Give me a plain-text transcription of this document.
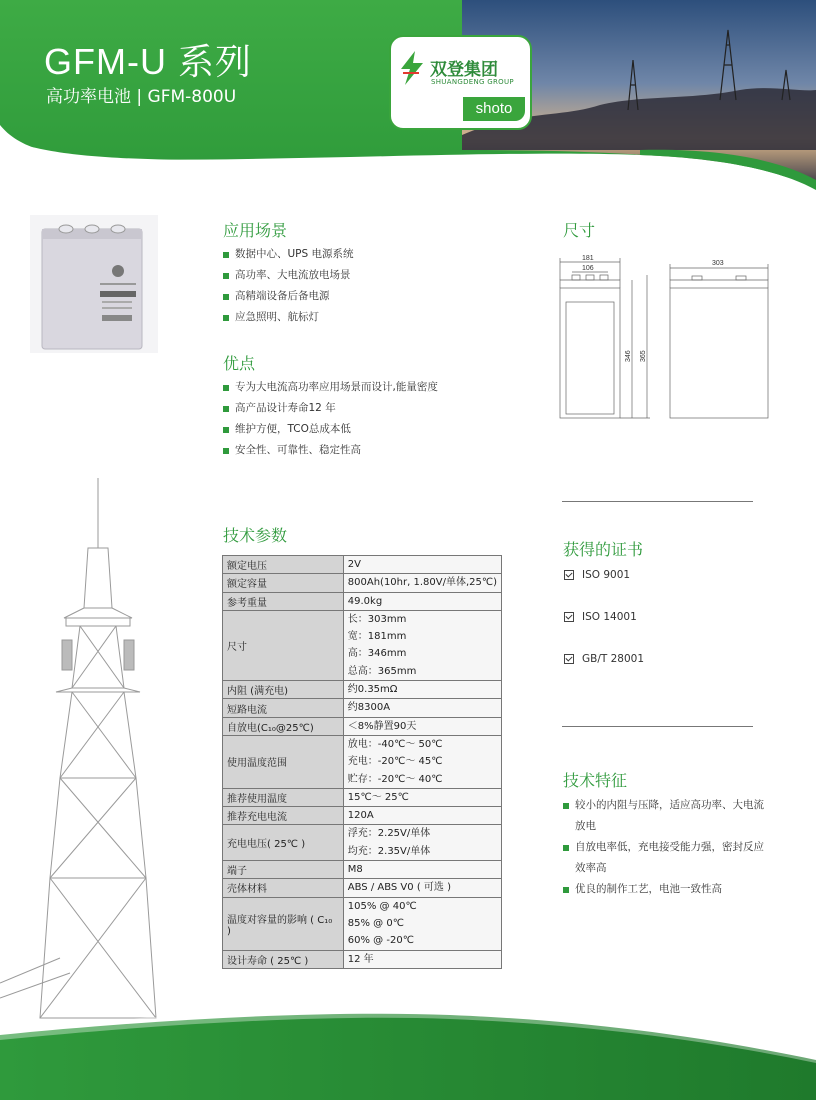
GFM-U 系列
高功率电池 | GFM-800U
双登集团
SHUANGDENG GROUP
shoto
应用场景
数据中心、UPS 电源系统
高功率、大电流放电场景
高精端设备后备电源
应急照明、航标灯
优点
专为大电流高功率应用场景而设计,能量密度
高产品设计寿命12 年
维护方便，TCO总成本低
安全性、可靠性、稳定性高
技术参数
额定电压	2V

额定容量	800Ah(10hr, 1.80V/单体,25℃)

参考重量	49.0kg

尺寸	长：303mm
宽：181mm
高：346mm
总高：365mm

内阻 (满充电)	约0.35mΩ

短路电流	约8300A

自放电(C₁₀@25℃)	＜8%静置90天

使用温度范围	放电：-40℃～ 50℃
充电：-20℃～ 45℃
贮存：-20℃～ 40℃

推荐使用温度	15℃～ 25℃

推荐充电电流	120A

充电电压( 25℃ )	浮充：2.25V/单体
均充：2.35V/单体

端子	M8

壳体材料	ABS / ABS V0 ( 可选 )

温度对容量的影响 ( C₁₀ )	105% @ 40℃
85% @ 0℃
60% @ -20℃

设计寿命 ( 25℃ )	12 年
尺寸
181
106
303
346 365
获得的证书
ISO 9001
ISO 14001
GB/T 28001
技术特征
较小的内阻与压降，适应高功率、大电流放电
自放电率低，充电接受能力强，密封反应效率高
优良的制作工艺，电池一致性高
